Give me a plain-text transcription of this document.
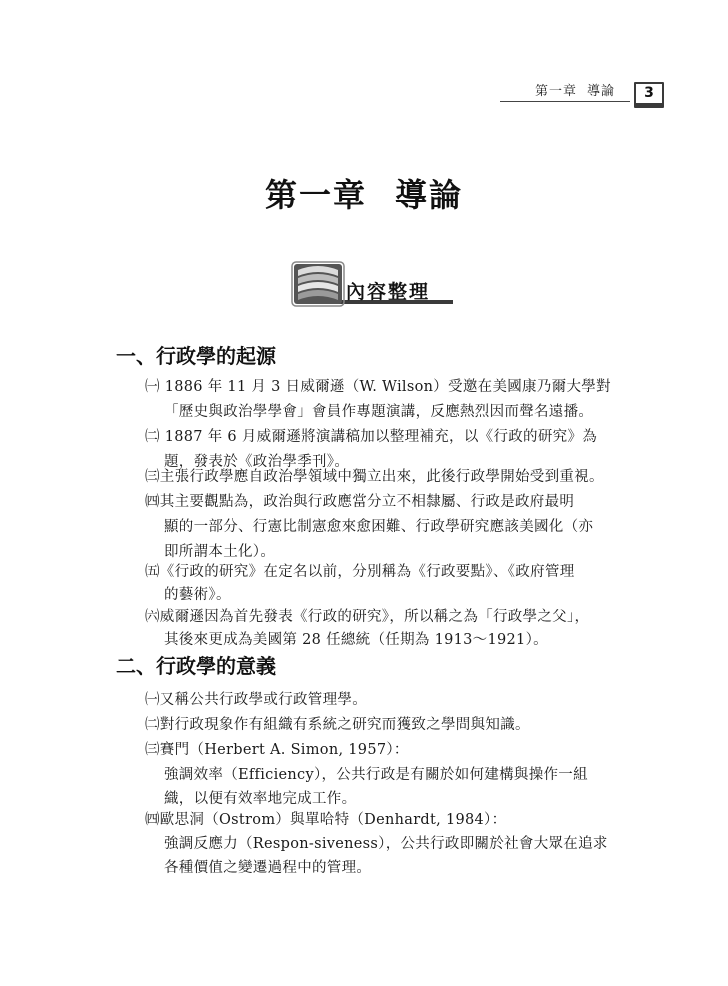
第一章 導論	3
第一章 導論
內容整理
一、行政學的起源
㈠ 1886 年 11 月 3 日威爾遜（W. Wilson）受邀在美國康乃爾大學對
「歷史與政治學學會」會員作專題演講，反應熱烈因而聲名遠播。
㈡ 1887 年 6 月威爾遜將演講稿加以整理補充，以《行政的研究》為
題，發表於《政治學季刊》。
㈢主張行政學應自政治學領域中獨立出來，此後行政學開始受到重視。
㈣其主要觀點為，政治與行政應當分立不相隸屬、行政是政府最明
顯的一部分、行憲比制憲愈來愈困難、行政學研究應該美國化（亦
即所謂本土化）。
㈤《行政的研究》在定名以前，分別稱為《行政要點》、《政府管理
的藝術》。
㈥威爾遜因為首先發表《行政的研究》，所以稱之為「行政學之父」，
其後來更成為美國第 28 任總統（任期為 1913～1921）。
二、行政學的意義
㈠又稱公共行政學或行政管理學。
㈡對行政現象作有組織有系統之研究而獲致之學問與知識。
㈢賽門（Herbert A. Simon, 1957）：
強調效率（Efficiency），公共行政是有關於如何建構與操作一組
織，以便有效率地完成工作。
㈣歐思洞（Ostrom）與單哈特（Denhardt, 1984）：
強調反應力（Respon-siveness），公共行政即關於社會大眾在追求
各種價值之變遷過程中的管理。
